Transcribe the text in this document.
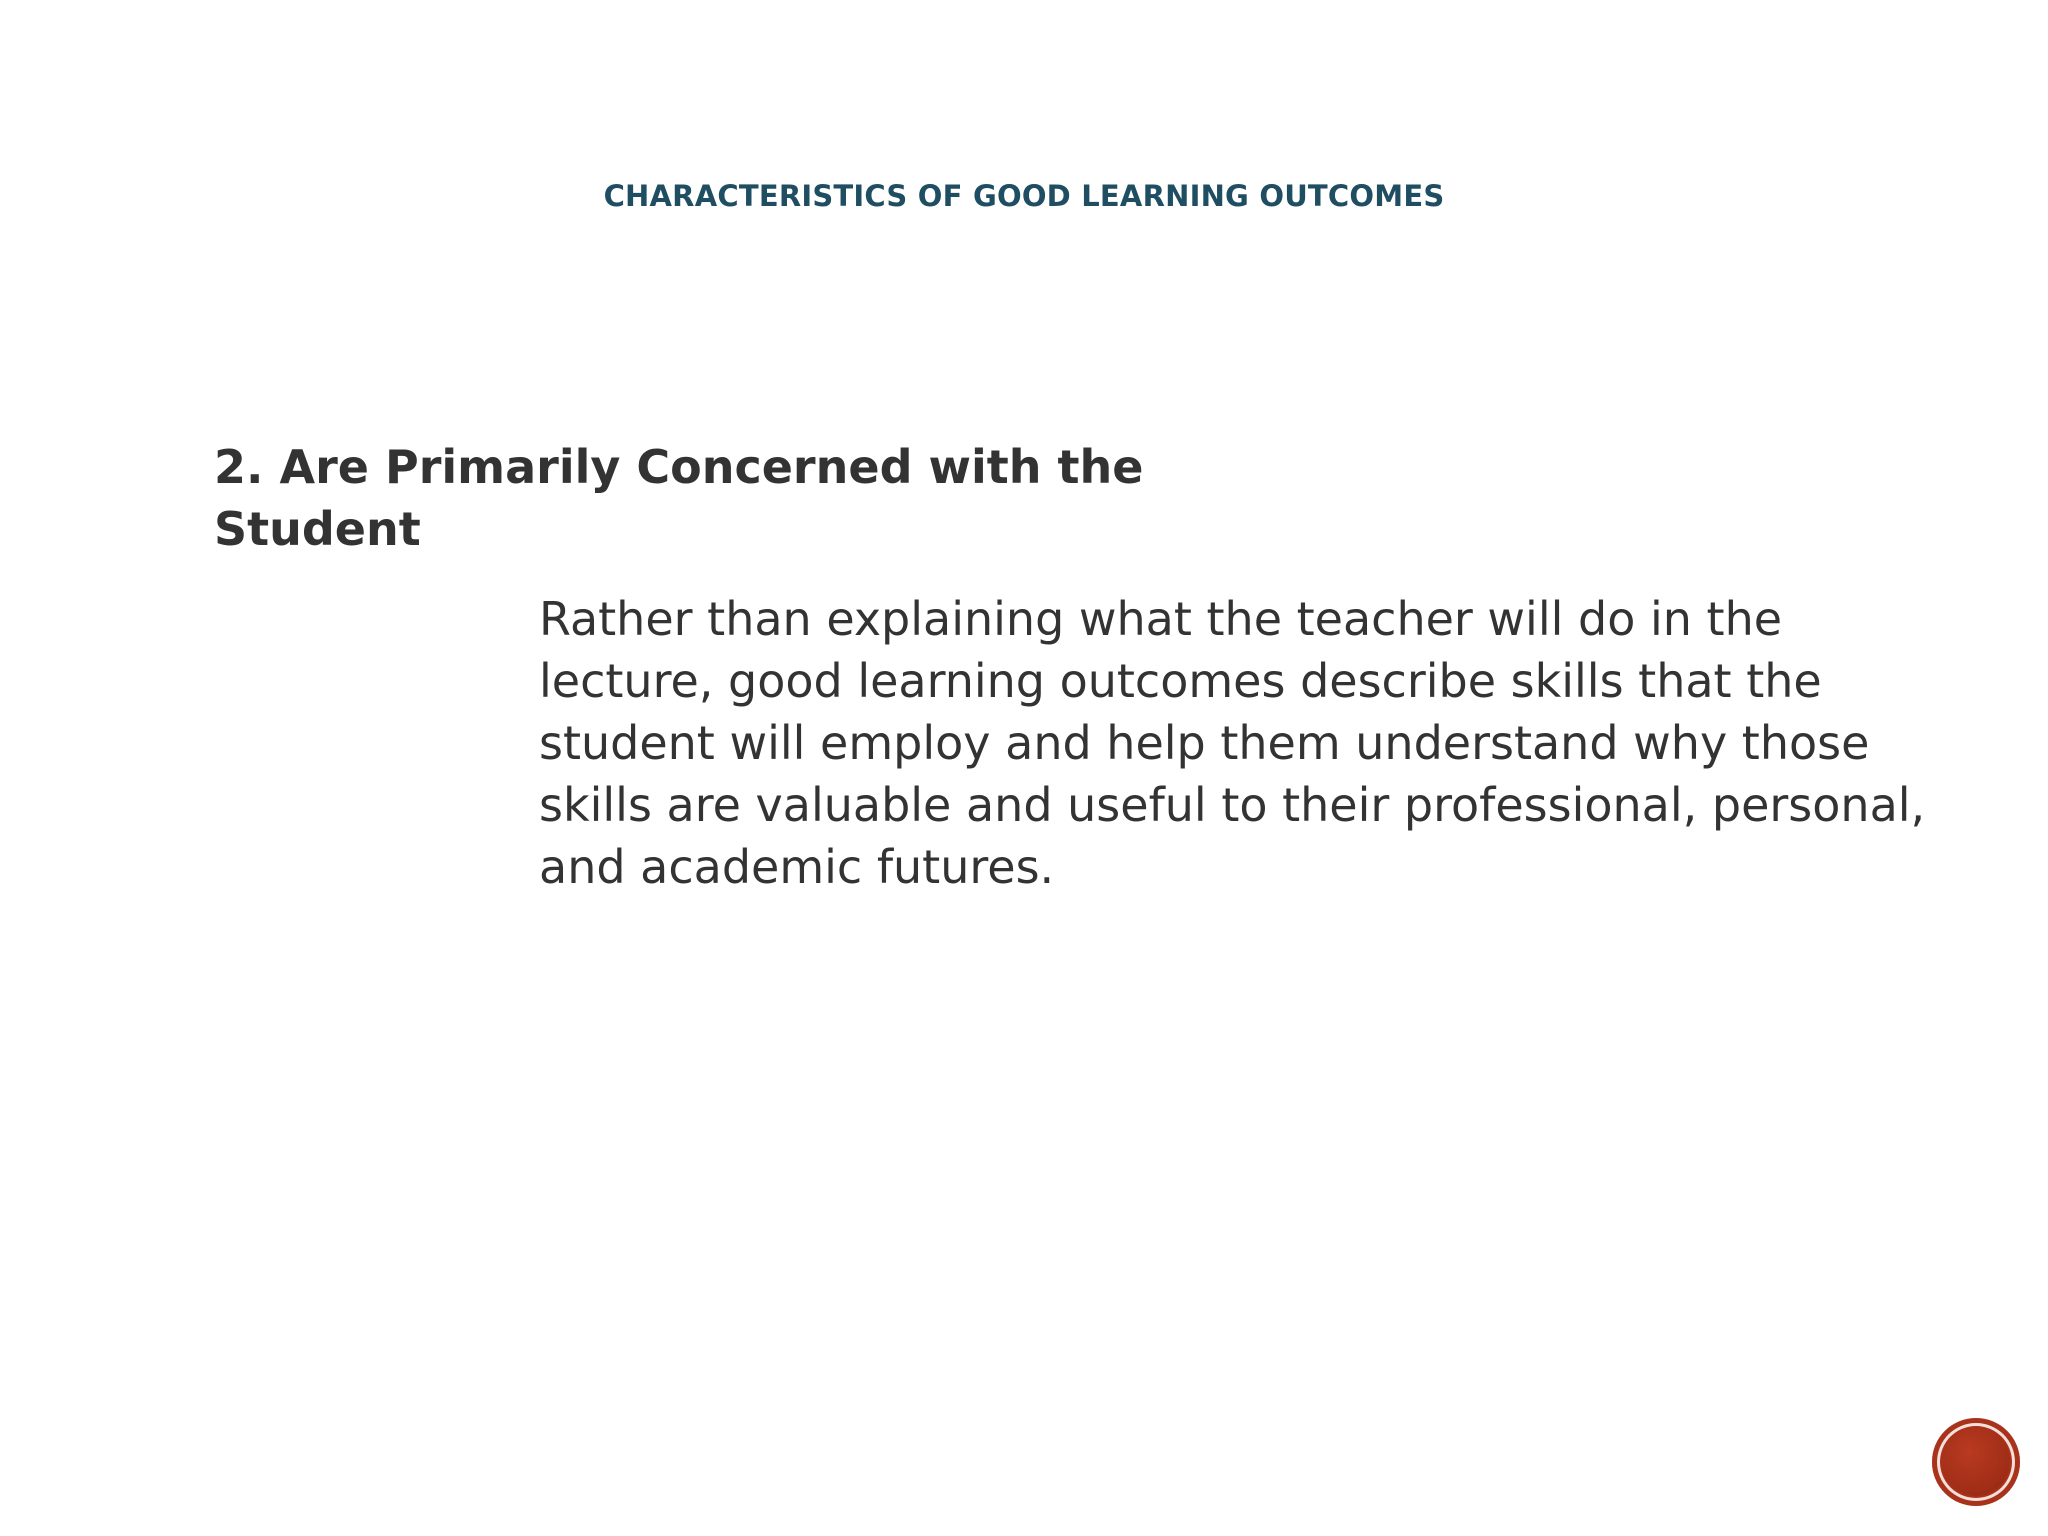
CHARACTERISTICS OF GOOD LEARNING OUTCOMES
2. Are Primarily Concerned with the Student
Rather than explaining what the teacher will do in the lecture, good learning outcomes describe skills that the student will employ and help them understand why those skills are valuable and useful to their professional, personal, and academic futures.
